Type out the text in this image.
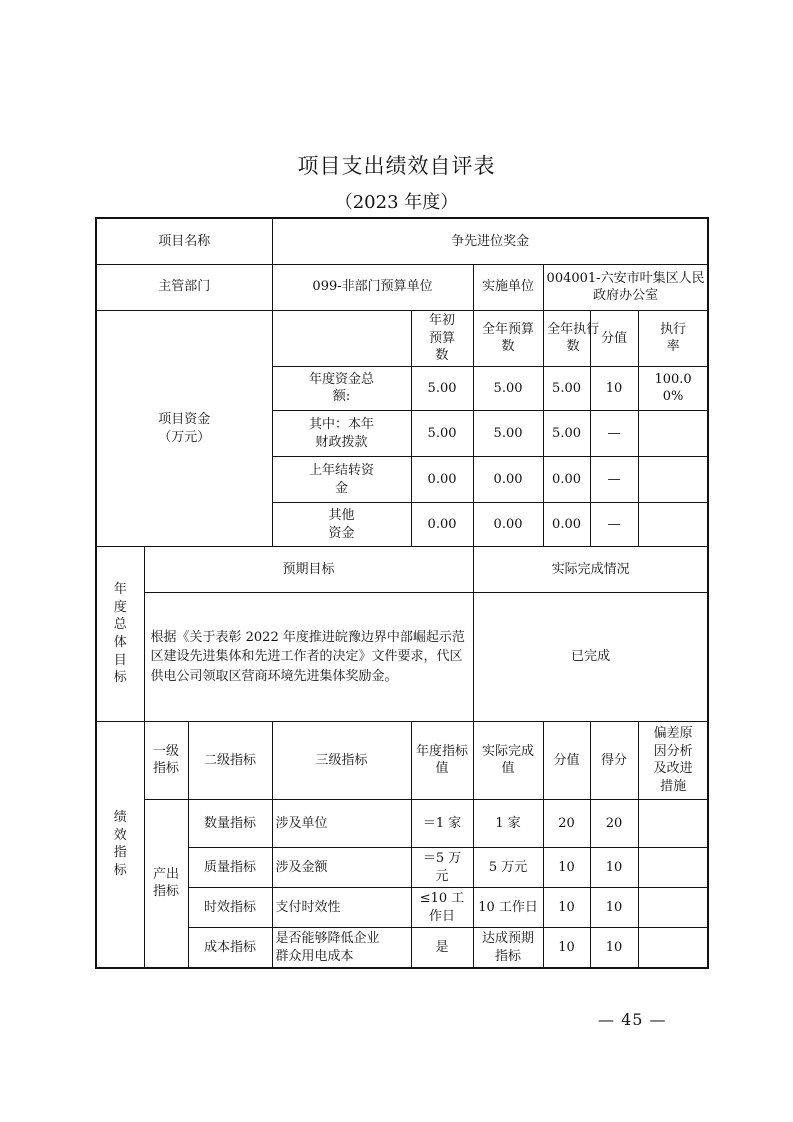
项目支出绩效自评表
（2023 年度）
项目名称			争先进位奖金						
主管部门			099-非部门预算单位		实施单位	004001-六安市叶集区人民政府办公室			
项目资金（万元）				年初预算数	全年预算数	全年执行数	分值	执行率	
			年度资金总额:	5.00	5.00	5.00	10	100.00%	
			其中：本年财政拨款	5.00	5.00	5.00	—		
			上年结转资金	0.00	0.00	0.00	—		
			其他资金	0.00	0.00	0.00	—		
年度总体目标	预期目标				实际完成情况				
	根据《关于表彰 2022 年度推进皖豫边界中部崛起示范区建设先进集体和先进工作者的决定》文件要求，代区供电公司领取区营商环境先进集体奖励金。				已完成				
绩效指标	一级指标	二级指标	三级指标	年度指标值	实际完成值	分值	得分	偏差原因分析及改进措施	
	产出指标	数量指标	涉及单位	＝1 家	1 家	20	20		
		质量指标	涉及金额	＝5 万元	5 万元	10	10		
		时效指标	支付时效性	≤10 工作日	10 工作日	10	10		
		成本指标	是否能够降低企业群众用电成本	是	达成预期指标	10	10		
— 45 —
